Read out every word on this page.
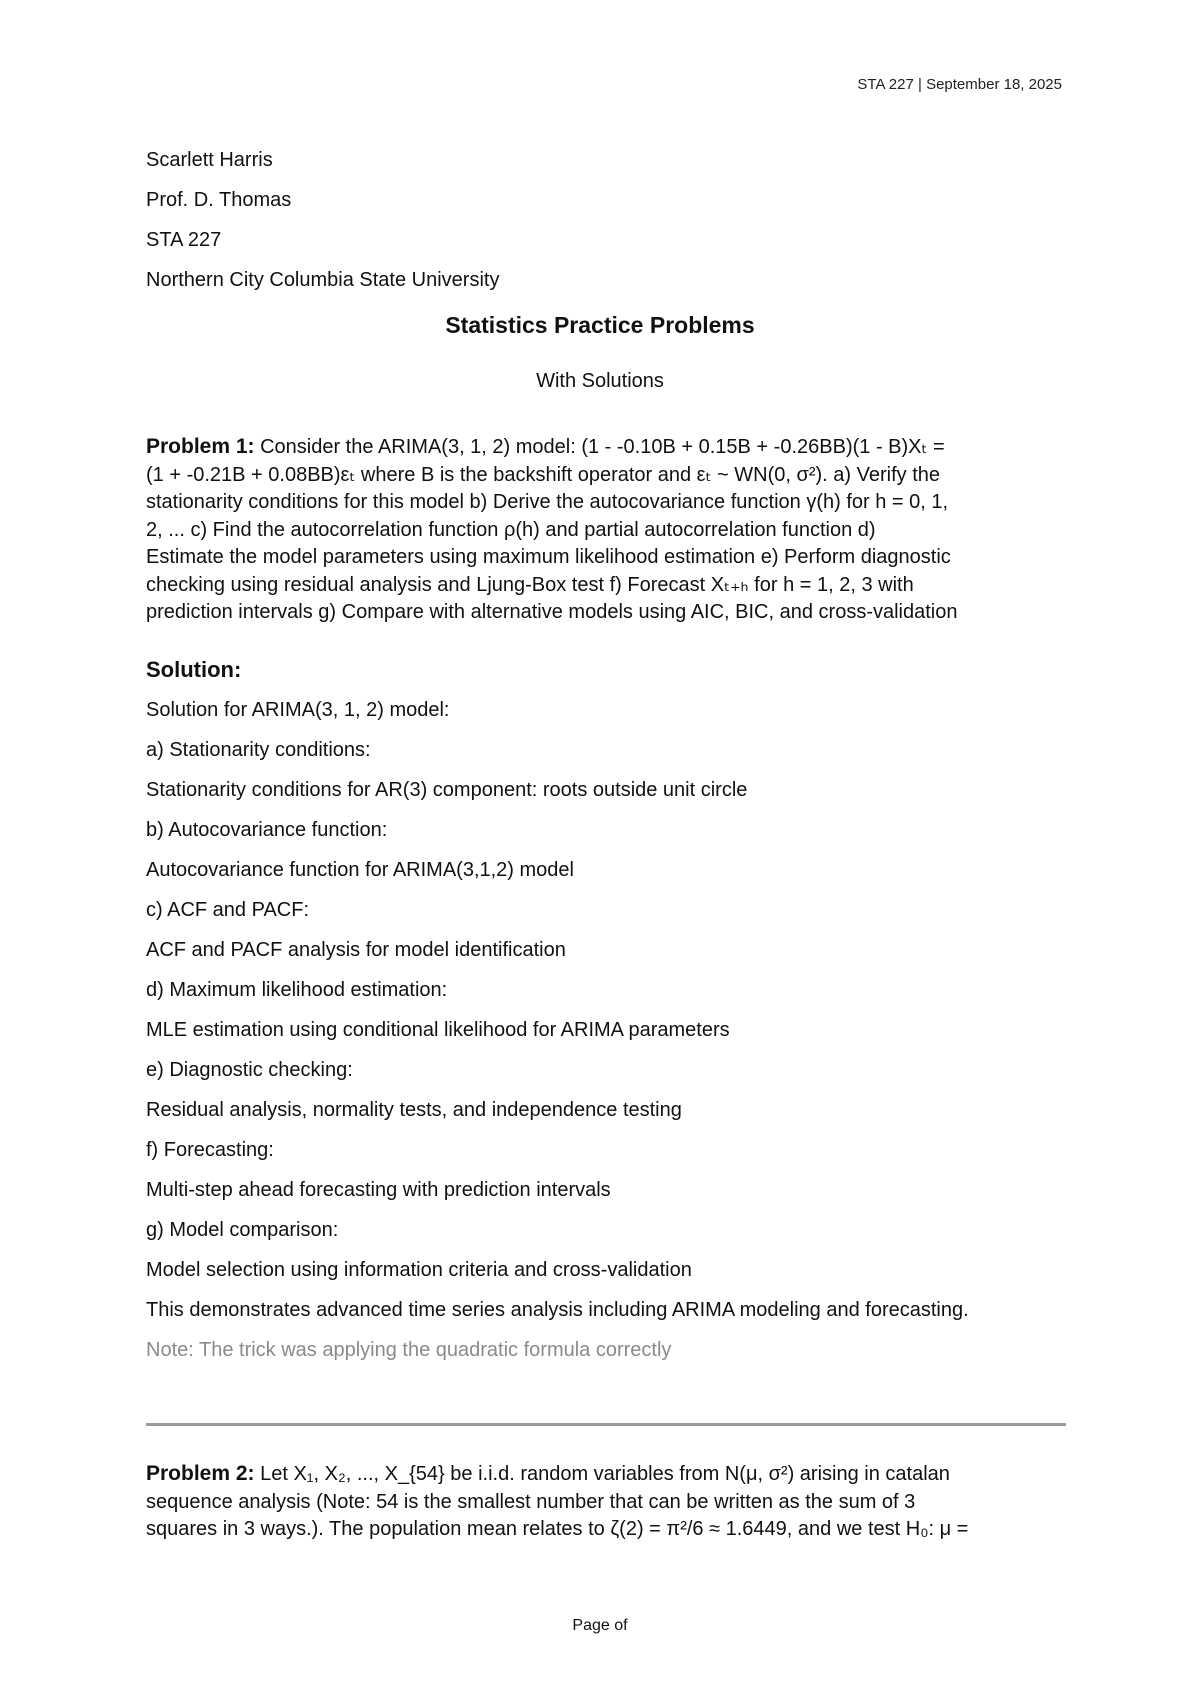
STA 227 | September 18, 2025
Scarlett Harris
Prof. D. Thomas
STA 227
Northern City Columbia State University
Statistics Practice Problems
With Solutions
Problem 1: Consider the ARIMA(3, 1, 2) model: (1 - -0.10B + 0.15B + -0.26BB)(1 - B)Xₜ =
(1 + -0.21B + 0.08BB)εₜ where B is the backshift operator and εₜ ~ WN(0, σ²). a) Verify the
stationarity conditions for this model b) Derive the autocovariance function γ(h) for h = 0, 1,
2, ... c) Find the autocorrelation function ρ(h) and partial autocorrelation function d)
Estimate the model parameters using maximum likelihood estimation e) Perform diagnostic
checking using residual analysis and Ljung-Box test f) Forecast Xₜ₊ₕ for h = 1, 2, 3 with
prediction intervals g) Compare with alternative models using AIC, BIC, and cross-validation
Solution:
Solution for ARIMA(3, 1, 2) model:
a) Stationarity conditions:
Stationarity conditions for AR(3) component: roots outside unit circle
b) Autocovariance function:
Autocovariance function for ARIMA(3,1,2) model
c) ACF and PACF:
ACF and PACF analysis for model identification
d) Maximum likelihood estimation:
MLE estimation using conditional likelihood for ARIMA parameters
e) Diagnostic checking:
Residual analysis, normality tests, and independence testing
f) Forecasting:
Multi-step ahead forecasting with prediction intervals
g) Model comparison:
Model selection using information criteria and cross-validation
This demonstrates advanced time series analysis including ARIMA modeling and forecasting.
Note: The trick was applying the quadratic formula correctly
Problem 2: Let X₁, X₂, ..., X_{54} be i.i.d. random variables from N(μ, σ²) arising in catalan
sequence analysis (Note: 54 is the smallest number that can be written as the sum of 3
squares in 3 ways.). The population mean relates to ζ(2) = π²/6 ≈ 1.6449, and we test H₀: μ =
Page of
